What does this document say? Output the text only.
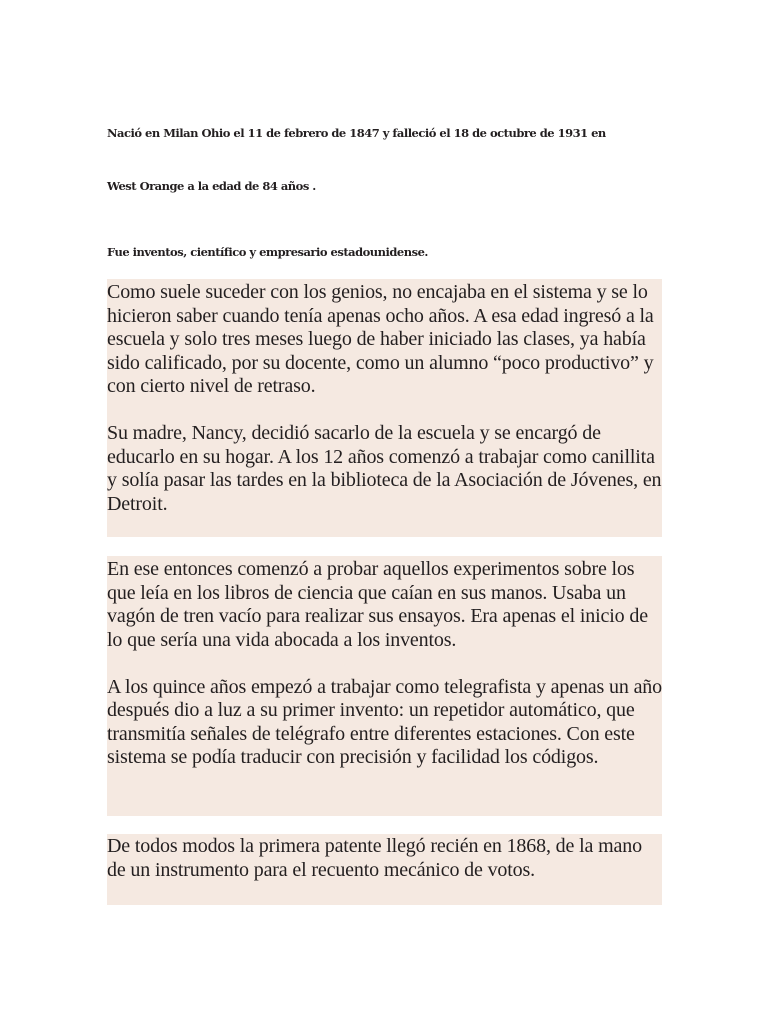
Nació en Milan Ohio el 11 de febrero de 1847 y falleció el 18 de octubre de 1931 en
West Orange a la edad de 84 años .
Fue inventos, científico y empresario estadounidense.

Como suele suceder con los genios, no encajaba en el sistema y se lo hicieron saber cuando tenía apenas ocho años. A esa edad ingresó a la escuela y solo tres meses luego de haber iniciado las clases, ya había sido calificado, por su docente, como un alumno “poco productivo” y con cierto nivel de retraso.

Su madre, Nancy, decidió sacarlo de la escuela y se encargó de educarlo en su hogar. A los 12 años comenzó a trabajar como canillita y solía pasar las tardes en la biblioteca de la Asociación de Jóvenes, en Detroit.

En ese entonces comenzó a probar aquellos experimentos sobre los que leía en los libros de ciencia que caían en sus manos. Usaba un vagón de tren vacío para realizar sus ensayos. Era apenas el inicio de lo que sería una vida abocada a los inventos.

A los quince años empezó a trabajar como telegrafista y apenas un año después dio a luz a su primer invento: un repetidor automático, que transmitía señales de telégrafo entre diferentes estaciones. Con este sistema se podía traducir con precisión y facilidad los códigos.

De todos modos la primera patente llegó recién en 1868, de la mano de un instrumento para el recuento mecánico de votos.
